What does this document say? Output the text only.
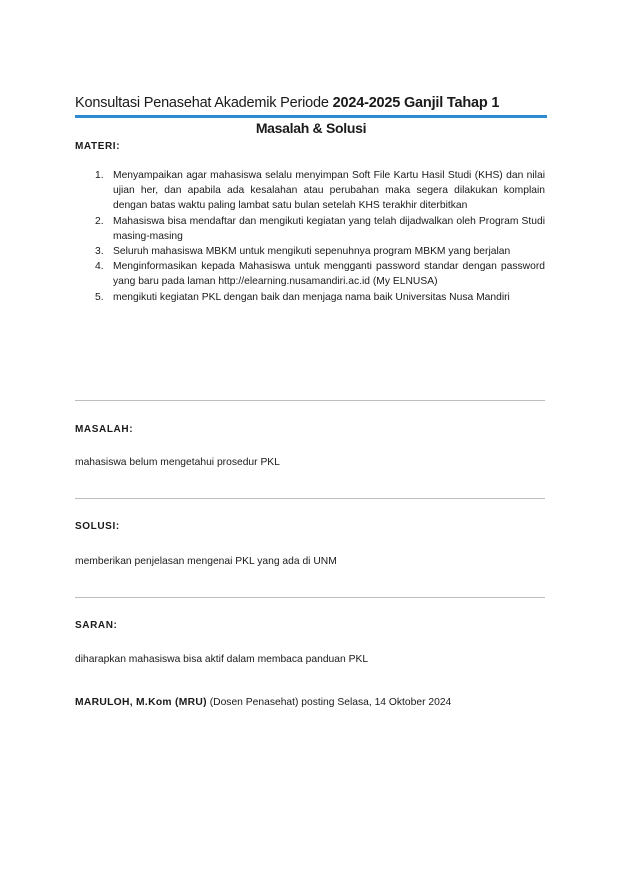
Konsultasi Penasehat Akademik Periode 2024-2025 Ganjil Tahap 1
Masalah & Solusi
MATERI:
1. Menyampaikan agar mahasiswa selalu menyimpan Soft File Kartu Hasil Studi (KHS) dan nilai ujian her, dan apabila ada kesalahan atau perubahan maka segera dilakukan komplain dengan batas waktu paling lambat satu bulan setelah KHS terakhir diterbitkan
2. Mahasiswa bisa mendaftar dan mengikuti kegiatan yang telah dijadwalkan oleh Program Studi masing-masing
3. Seluruh mahasiswa MBKM untuk mengikuti sepenuhnya program MBKM yang berjalan
4. Menginformasikan kepada Mahasiswa untuk mengganti password standar dengan password yang baru pada laman http://elearning.nusamandiri.ac.id (My ELNUSA)
5. mengikuti kegiatan PKL dengan baik dan menjaga nama baik Universitas Nusa Mandiri
MASALAH:
mahasiswa belum mengetahui prosedur PKL
SOLUSI:
memberikan penjelasan mengenai PKL yang ada di UNM
SARAN:
diharapkan mahasiswa bisa aktif dalam membaca panduan PKL
MARULOH, M.Kom (MRU) (Dosen Penasehat) posting Selasa, 14 Oktober 2024
